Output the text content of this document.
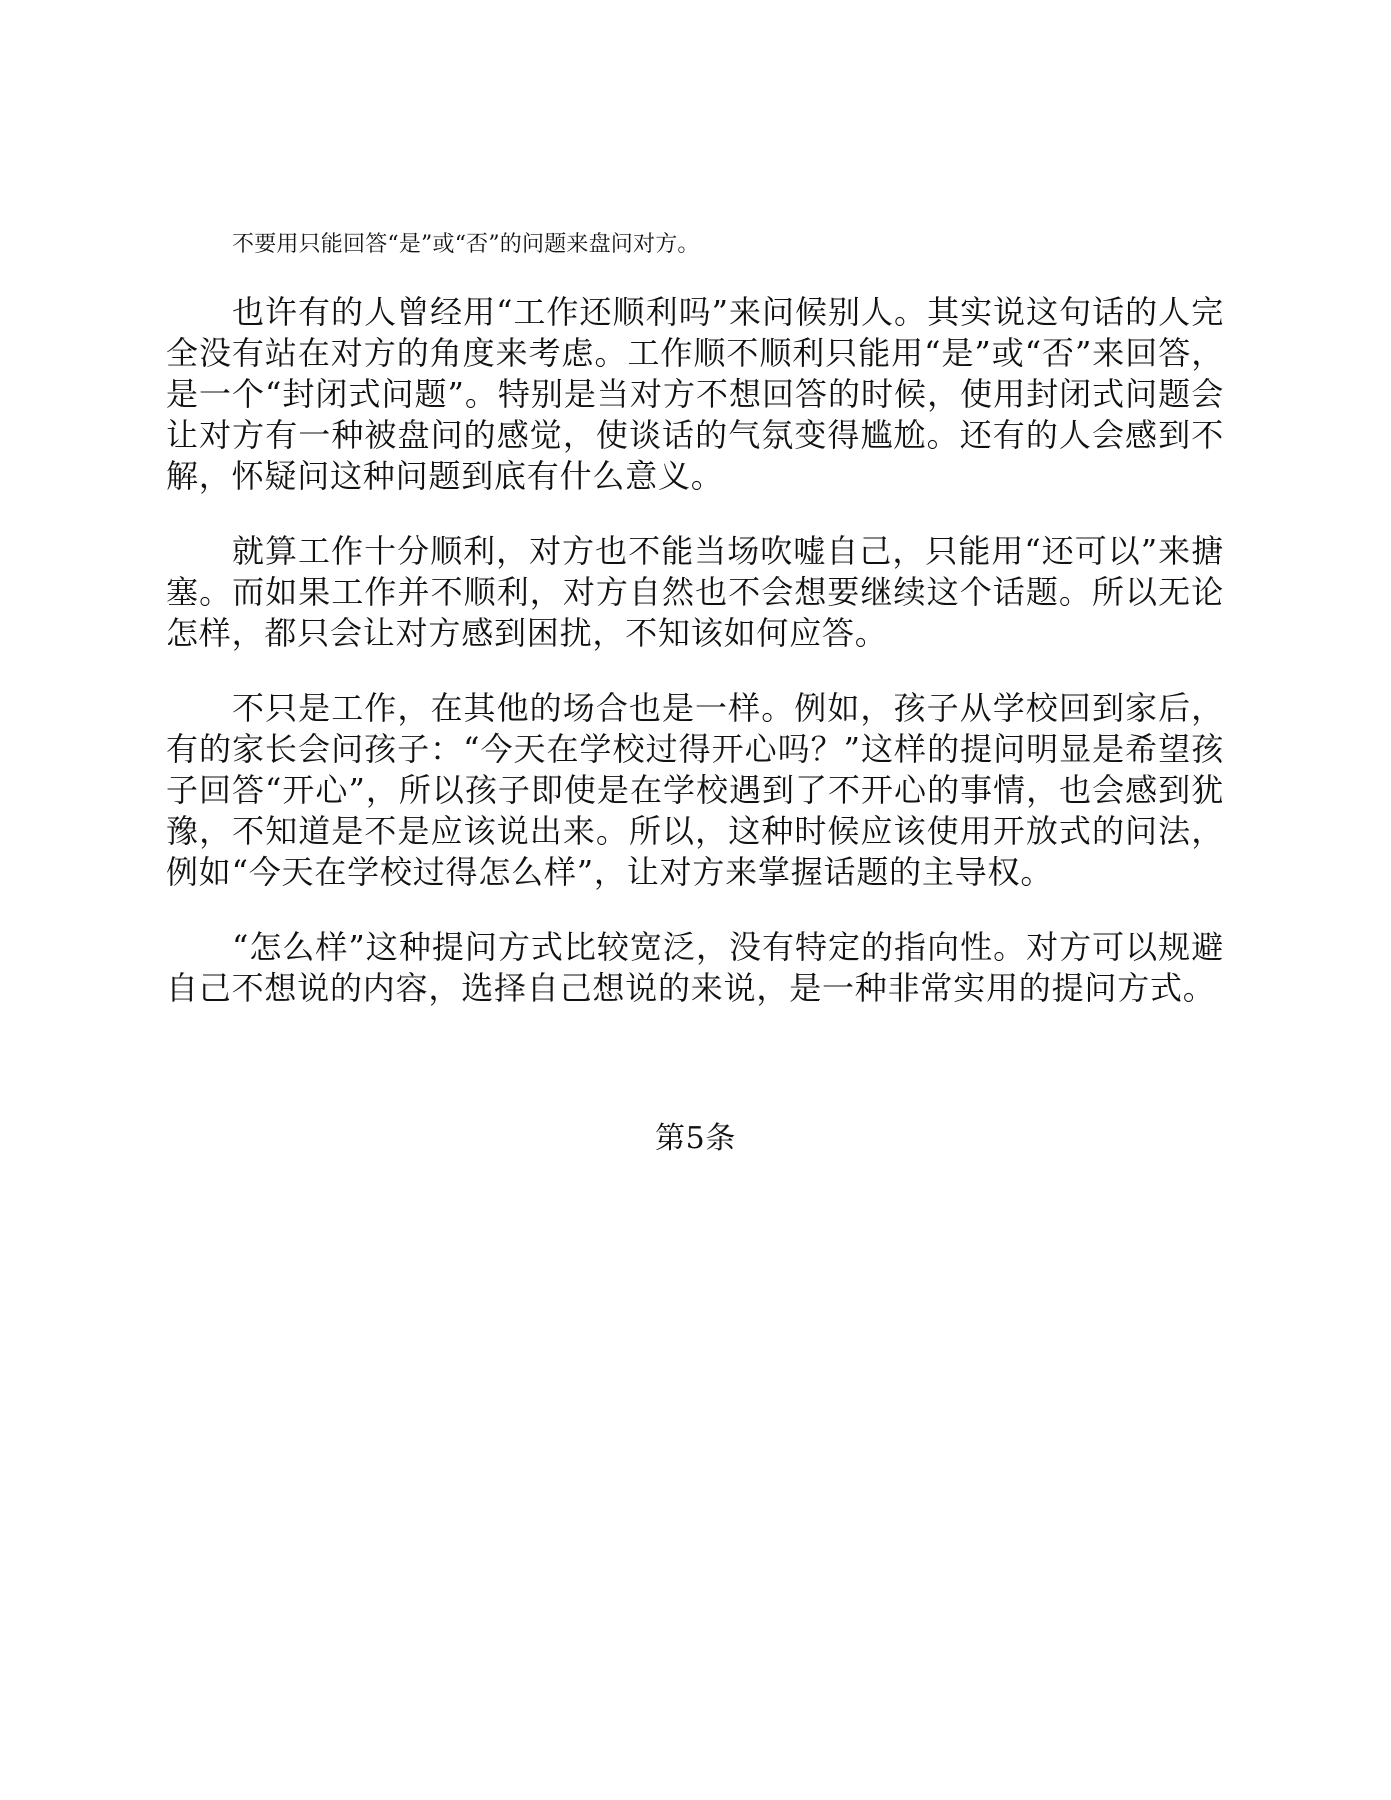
不要用只能回答“是”或“否”的问题来盘问对方。

也许有的人曾经用“工作还顺利吗”来问候别人。其实说这句话的人完全没有站在对方的角度来考虑。工作顺不顺利只能用“是”或“否”来回答，是一个“封闭式问题”。特别是当对方不想回答的时候，使用封闭式问题会让对方有一种被盘问的感觉，使谈话的气氛变得尴尬。还有的人会感到不解，怀疑问这种问题到底有什么意义。

就算工作十分顺利，对方也不能当场吹嘘自己，只能用“还可以”来搪塞。而如果工作并不顺利，对方自然也不会想要继续这个话题。所以无论怎样，都只会让对方感到困扰，不知该如何应答。

不只是工作，在其他的场合也是一样。例如，孩子从学校回到家后，有的家长会问孩子：“今天在学校过得开心吗？”这样的提问明显是希望孩子回答“开心”，所以孩子即使是在学校遇到了不开心的事情，也会感到犹豫，不知道是不是应该说出来。所以，这种时候应该使用开放式的问法，例如“今天在学校过得怎么样”，让对方来掌握话题的主导权。

“怎么样”这种提问方式比较宽泛，没有特定的指向性。对方可以规避自己不想说的内容，选择自己想说的来说，是一种非常实用的提问方式。

第5条
